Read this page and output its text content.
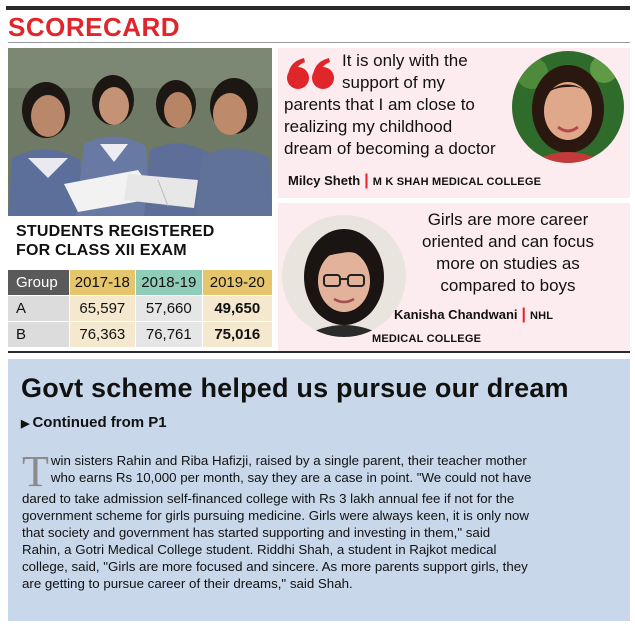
SCORECARD
STUDENTS REGISTERED
FOR CLASS XII EXAM
Group	2017-18 2018-19 2019-20
A	65,597	57,660	49,650
B	76,363	76,761	75,016
It is only with the
support of my
parents that I am close to
realizing my childhood
dream of becoming a doctor
Milcy Sheth | M K SHAH MEDICAL COLLEGE
Girls are more career
oriented and can focus
more on studies as
compared to boys
Kanisha Chandwani | NHL
MEDICAL COLLEGE
Govt scheme helped us pursue our dream
▶ Continued from P1
T win sisters Rahin and Riba Hafizji, raised by a single parent, their teacher mother
who earns Rs 10,000 per month, say they are a case in point. "We could not have
dared to take admission self-financed college with Rs 3 lakh annual fee if not for the
government scheme for girls pursuing medicine. Girls were always keen, it is only now
that society and government has started supporting and investing in them," said
Rahin, a Gotri Medical College student. Riddhi Shah, a student in Rajkot medical
college, said, "Girls are more focused and sincere. As more parents support girls, they
are getting to pursue career of their dreams," said Shah.
